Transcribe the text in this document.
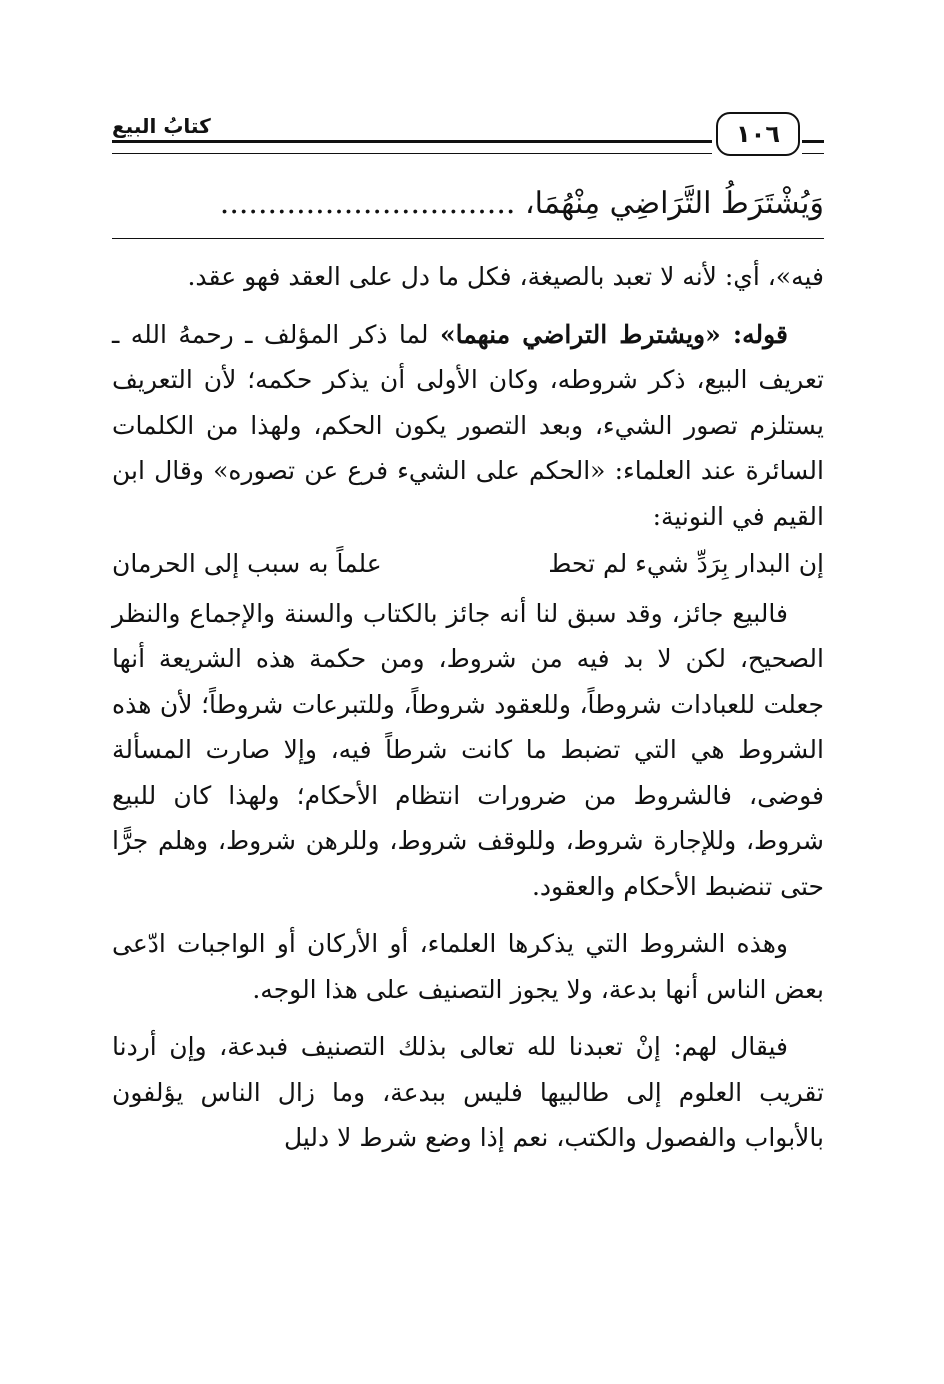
كتابُ البيع	١٠٦
وَيُشْتَرَطُ التَّرَاضِي مِنْهُمَا، ...............................

فيه»، أي: لأنه لا تعبد بالصيغة، فكل ما دل على العقد فهو عقد.

قوله: «ويشترط التراضي منهما» لما ذكر المؤلف ـ رحمهُ الله ـ تعريف البيع، ذكر شروطه، وكان الأولى أن يذكر حكمه؛ لأن التعريف يستلزم تصور الشيء، وبعد التصور يكون الحكم، ولهذا من الكلمات السائرة عند العلماء: «الحكم على الشيء فرع عن تصوره» وقال ابن القيم في النونية:

إن البدار بِرَدِّ شيء لم تحط
علماً به سبب إلى الحرمان

فالبيع جائز، وقد سبق لنا أنه جائز بالكتاب والسنة والإجماع والنظر الصحيح، لكن لا بد فيه من شروط، ومن حكمة هذه الشريعة أنها جعلت للعبادات شروطاً، وللعقود شروطاً، وللتبرعات شروطاً؛ لأن هذه الشروط هي التي تضبط ما كانت شرطاً فيه، وإلا صارت المسألة فوضى، فالشروط من ضرورات انتظام الأحكام؛ ولهذا كان للبيع شروط، وللإجارة شروط، وللوقف شروط، وللرهن شروط، وهلم جرًّا حتى تنضبط الأحكام والعقود.

وهذه الشروط التي يذكرها العلماء، أو الأركان أو الواجبات ادّعى بعض الناس أنها بدعة، ولا يجوز التصنيف على هذا الوجه.

فيقال لهم: إنْ تعبدنا لله تعالى بذلك التصنيف فبدعة، وإن أردنا تقريب العلوم إلى طالبيها فليس ببدعة، وما زال الناس يؤلفون بالأبواب والفصول والكتب، نعم إذا وضع شرط لا دليل
